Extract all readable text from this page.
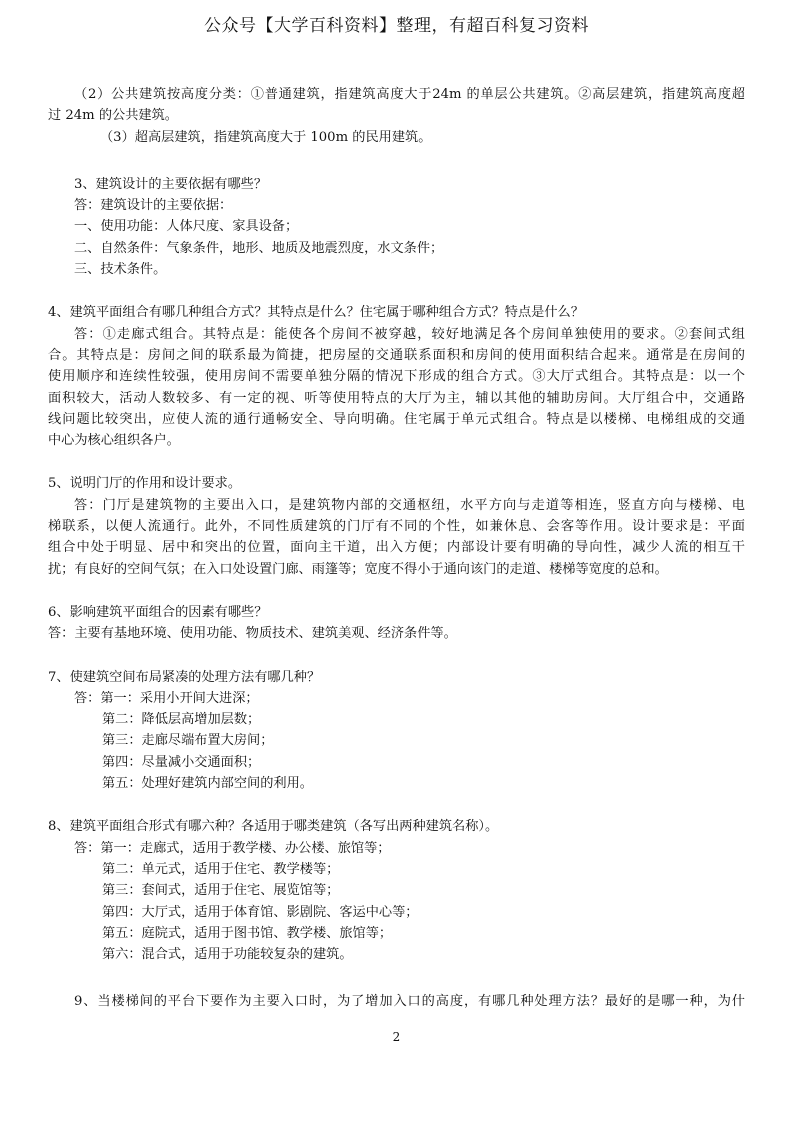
公众号【大学百科资料】整理，有超百科复习资料
（2）公共建筑按高度分类：①普通建筑，指建筑高度大于24m 的单层公共建筑。②高层建筑，指建筑高度超
过 24m 的公共建筑。
（3）超高层建筑，指建筑高度大于 100m 的民用建筑。
3、建筑设计的主要依据有哪些？
答：建筑设计的主要依据：
一、使用功能：人体尺度、家具设备；
二、自然条件：气象条件，地形、地质及地震烈度，水文条件；
三、技术条件。
4、建筑平面组合有哪几种组合方式？其特点是什么？住宅属于哪种组合方式？特点是什么？
答：①走廊式组合。其特点是：能使各个房间不被穿越，较好地满足各个房间单独使用的要求。②套间式组
合。其特点是：房间之间的联系最为简捷，把房屋的交通联系面积和房间的使用面积结合起来。通常是在房间的
使用顺序和连续性较强，使用房间不需要单独分隔的情况下形成的组合方式。③大厅式组合。其特点是：以一个
面积较大，活动人数较多、有一定的视、听等使用特点的大厅为主，辅以其他的辅助房间。大厅组合中，交通路
线问题比较突出，应使人流的通行通畅安全、导向明确。住宅属于单元式组合。特点是以楼梯、电梯组成的交通
中心为核心组织各户。
5、说明门厅的作用和设计要求。
答：门厅是建筑物的主要出入口，是建筑物内部的交通枢纽，水平方向与走道等相连，竖直方向与楼梯、电
梯联系，以便人流通行。此外，不同性质建筑的门厅有不同的个性，如兼休息、会客等作用。设计要求是：平面
组合中处于明显、居中和突出的位置，面向主干道，出入方便；内部设计要有明确的导向性，减少人流的相互干
扰；有良好的空间气氛；在入口处设置门廊、雨篷等；宽度不得小于通向该门的走道、楼梯等宽度的总和。
6、影响建筑平面组合的因素有哪些？
答：主要有基地环境、使用功能、物质技术、建筑美观、经济条件等。
7、使建筑空间布局紧凑的处理方法有哪几种？
答：第一：采用小开间大进深；
第二：降低层高增加层数；
第三：走廊尽端布置大房间；
第四：尽量减小交通面积；
第五：处理好建筑内部空间的利用。
8、建筑平面组合形式有哪六种？各适用于哪类建筑（各写出两种建筑名称）。
答：第一：走廊式，适用于教学楼、办公楼、旅馆等；
第二：单元式，适用于住宅、教学楼等；
第三：套间式，适用于住宅、展览馆等；
第四：大厅式，适用于体育馆、影剧院、客运中心等；
第五：庭院式，适用于图书馆、教学楼、旅馆等；
第六：混合式，适用于功能较复杂的建筑。
9、当楼梯间的平台下要作为主要入口时，为了增加入口的高度，有哪几种处理方法？最好的是哪一种，为什
2
